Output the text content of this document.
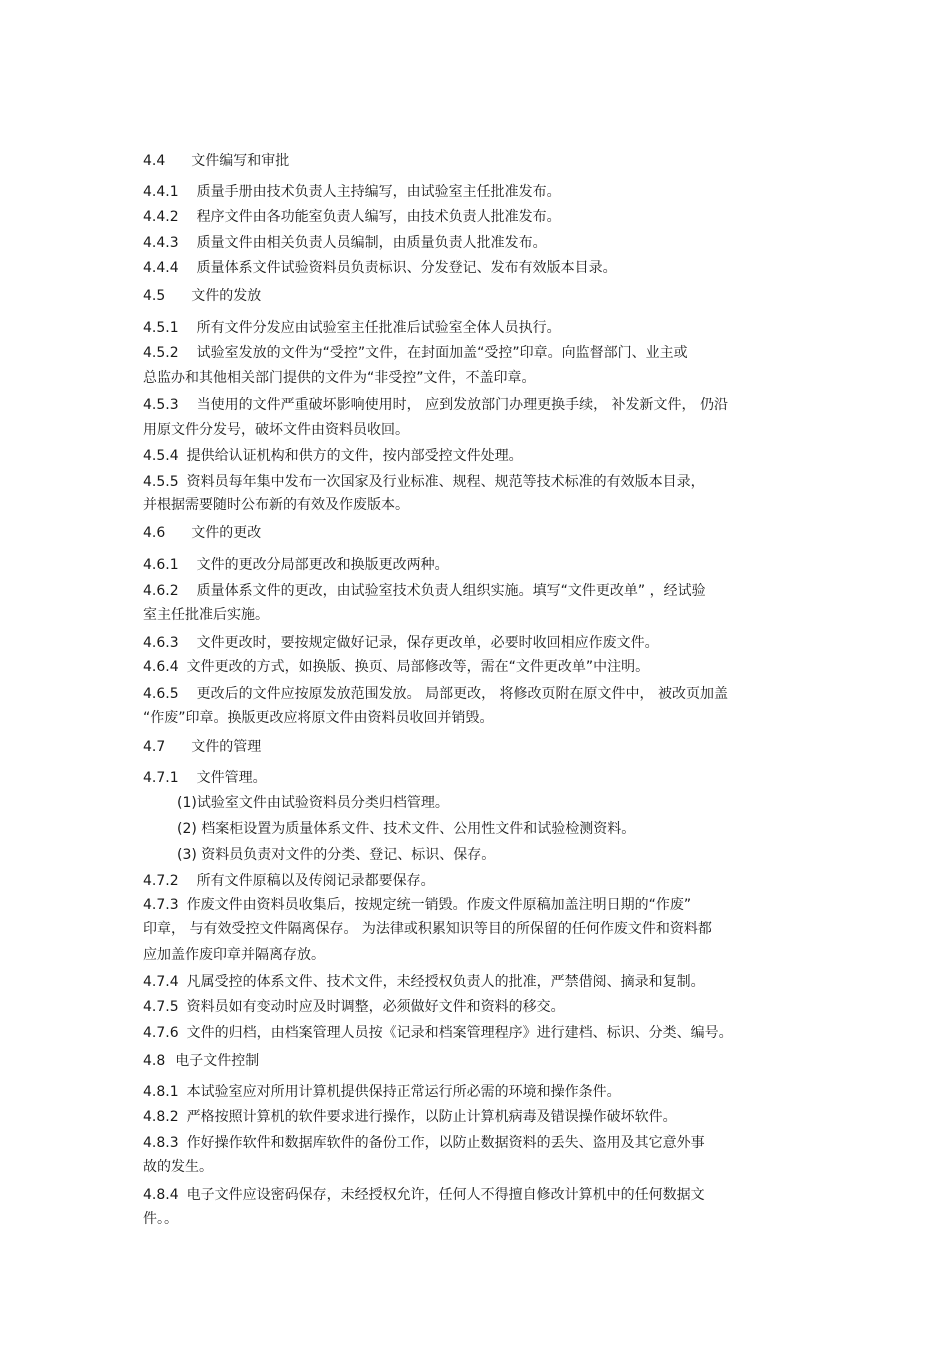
4.4 文件编写和审批
4.4.1 质量手册由技术负责人主持编写，由试验室主任批准发布。
4.4.2 程序文件由各功能室负责人编写，由技术负责人批准发布。
4.4.3 质量文件由相关负责人员编制，由质量负责人批准发布。
4.4.4 质量体系文件试验资料员负责标识、分发登记、发布有效版本目录。
4.5 文件的发放
4.5.1 所有文件分发应由试验室主任批准后试验室全体人员执行。
4.5.2 试验室发放的文件为“受控”文件，在封面加盖“受控”印章。向监督部门、业主或
总监办和其他相关部门提供的文件为“非受控”文件，不盖印章。
4.5.3 当使用的文件严重破坏影响使用时， 应到发放部门办理更换手续， 补发新文件， 仍沿
用原文件分发号，破坏文件由资料员收回。
4.5.4 提供给认证机构和供方的文件，按内部受控文件处理。
4.5.5 资料员每年集中发布一次国家及行业标准、规程、规范等技术标准的有效版本目录，
并根据需要随时公布新的有效及作废版本。
4.6 文件的更改
4.6.1 文件的更改分局部更改和换版更改两种。
4.6.2 质量体系文件的更改，由试验室技术负责人组织实施。填写“文件更改单” ，经试验
室主任批准后实施。
4.6.3 文件更改时，要按规定做好记录，保存更改单，必要时收回相应作废文件。
4.6.4 文件更改的方式，如换版、换页、局部修改等，需在“文件更改单”中注明。
4.6.5 更改后的文件应按原发放范围发放。 局部更改， 将修改页附在原文件中， 被改页加盖
“作废”印章。换版更改应将原文件由资料员收回并销毁。
4.7 文件的管理
4.7.1 文件管理。
(1)试验室文件由试验资料员分类归档管理。
(2) 档案柜设置为质量体系文件、技术文件、公用性文件和试验检测资料。
(3) 资料员负责对文件的分类、登记、标识、保存。
4.7.2 所有文件原稿以及传阅记录都要保存。
4.7.3 作废文件由资料员收集后，按规定统一销毁。作废文件原稿加盖注明日期的“作废”
印章， 与有效受控文件隔离保存。 为法律或积累知识等目的所保留的任何作废文件和资料都
应加盖作废印章并隔离存放。
4.7.4 凡属受控的体系文件、技术文件，未经授权负责人的批准，严禁借阅、摘录和复制。
4.7.5 资料员如有变动时应及时调整，必须做好文件和资料的移交。
4.7.6 文件的归档，由档案管理人员按《记录和档案管理程序》进行建档、标识、分类、编号。
4.8 电子文件控制
4.8.1 本试验室应对所用计算机提供保持正常运行所必需的环境和操作条件。
4.8.2 严格按照计算机的软件要求进行操作，以防止计算机病毒及错误操作破坏软件。
4.8.3 作好操作软件和数据库软件的备份工作，以防止数据资料的丢失、盗用及其它意外事
故的发生。
4.8.4 电子文件应设密码保存，未经授权允许，任何人不得擅自修改计算机中的任何数据文
件。。
